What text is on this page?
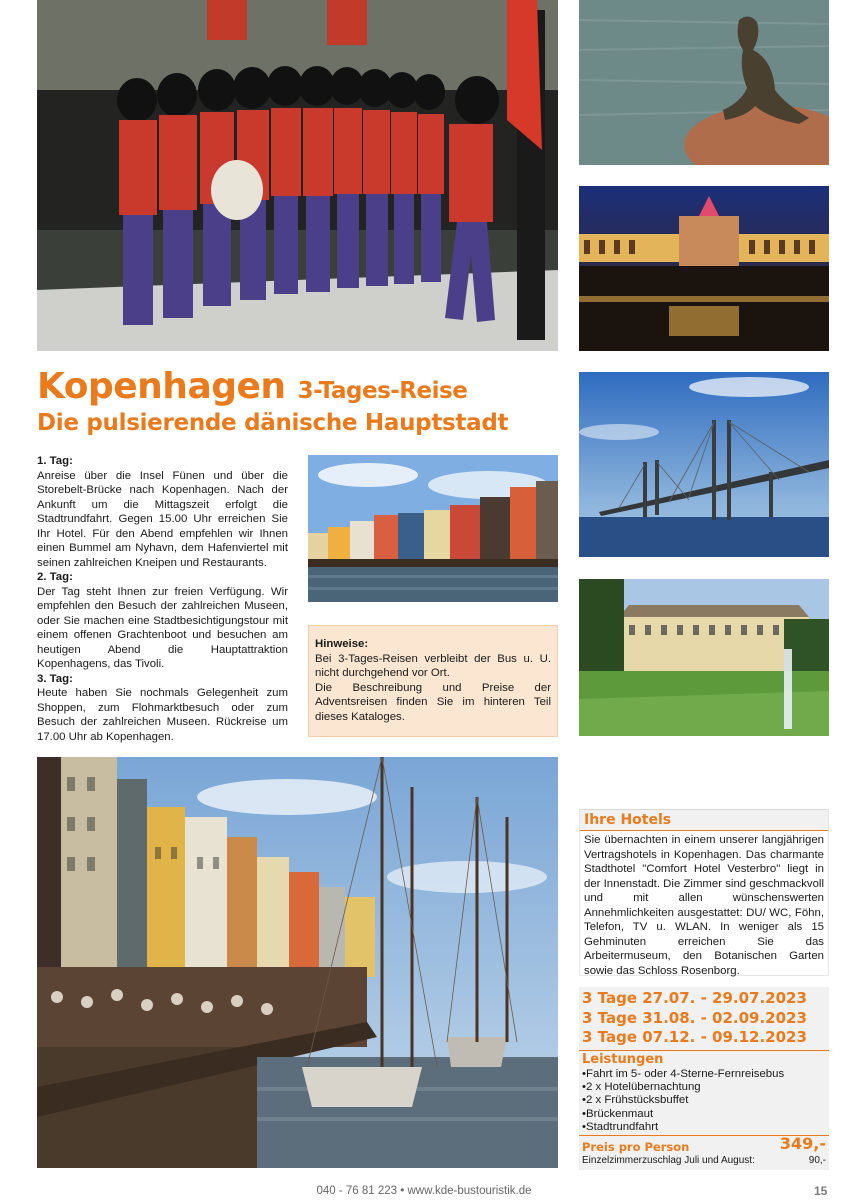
Kopenhagen 3-Tages-Reise
Die pulsierende dänische Hauptstadt
1. Tag:

Anreise über die Insel Fünen und über die Storebelt-Brücke nach Kopenhagen. Nach der Ankunft um die Mittagszeit erfolgt die Stadtrundfahrt. Gegen 15.00 Uhr erreichen Sie Ihr Hotel. Für den Abend empfehlen wir Ihnen einen Bummel am Nyhavn, dem Hafenviertel mit seinen zahlreichen Kneipen und Restaurants.

2. Tag:

Der Tag steht Ihnen zur freien Verfügung. Wir empfehlen den Besuch der zahlreichen Museen, oder Sie machen eine Stadtbesichtigungstour mit einem offenen Grachtenboot und besuchen am heutigen Abend die Hauptattraktion Kopenhagens, das Tivoli.

3. Tag:

Heute haben Sie nochmals Gelegenheit zum Shoppen, zum Flohmarktbesuch oder zum Besuch der zahlreichen Museen. Rückreise um 17.00 Uhr ab Kopenhagen.

Hinweise:

Bei 3-Tages-Reisen verbleibt der Bus u. U. nicht durchgehend vor Ort.

Die Beschreibung und Preise der Adventsreisen finden Sie im hinteren Teil dieses Kataloges.

Ihre Hotels
Sie übernachten in einem unserer langjährigen Vertragshotels in Kopenhagen. Das charmante Stadthotel "Comfort Hotel Vesterbro" liegt in der Innenstadt. Die Zimmer sind geschmackvoll und mit allen wünschenswerten Annehmlichkeiten ausgestattet: DU/ WC, Föhn, Telefon, TV u. WLAN. In weniger als 15 Gehminuten erreichen Sie das Arbeitermuseum, den Botanischen Garten sowie das Schloss Rosenborg.
3 Tage 27.07. - 29.07.2023
3 Tage 31.08. - 02.09.2023
3 Tage 07.12. - 09.12.2023
Leistungen
• Fahrt im 5- oder 4-Sterne-Fernreisebus
• 2 x Hotelübernachtung
• 2 x Frühstücksbuffet
• Brückenmaut
• Stadtrundfahrt
Preis pro Person	349,-
Einzelzimmerzuschlag Juli und August:	90,-
040 - 76 81 223 • www.kde-bustouristik.de	15
